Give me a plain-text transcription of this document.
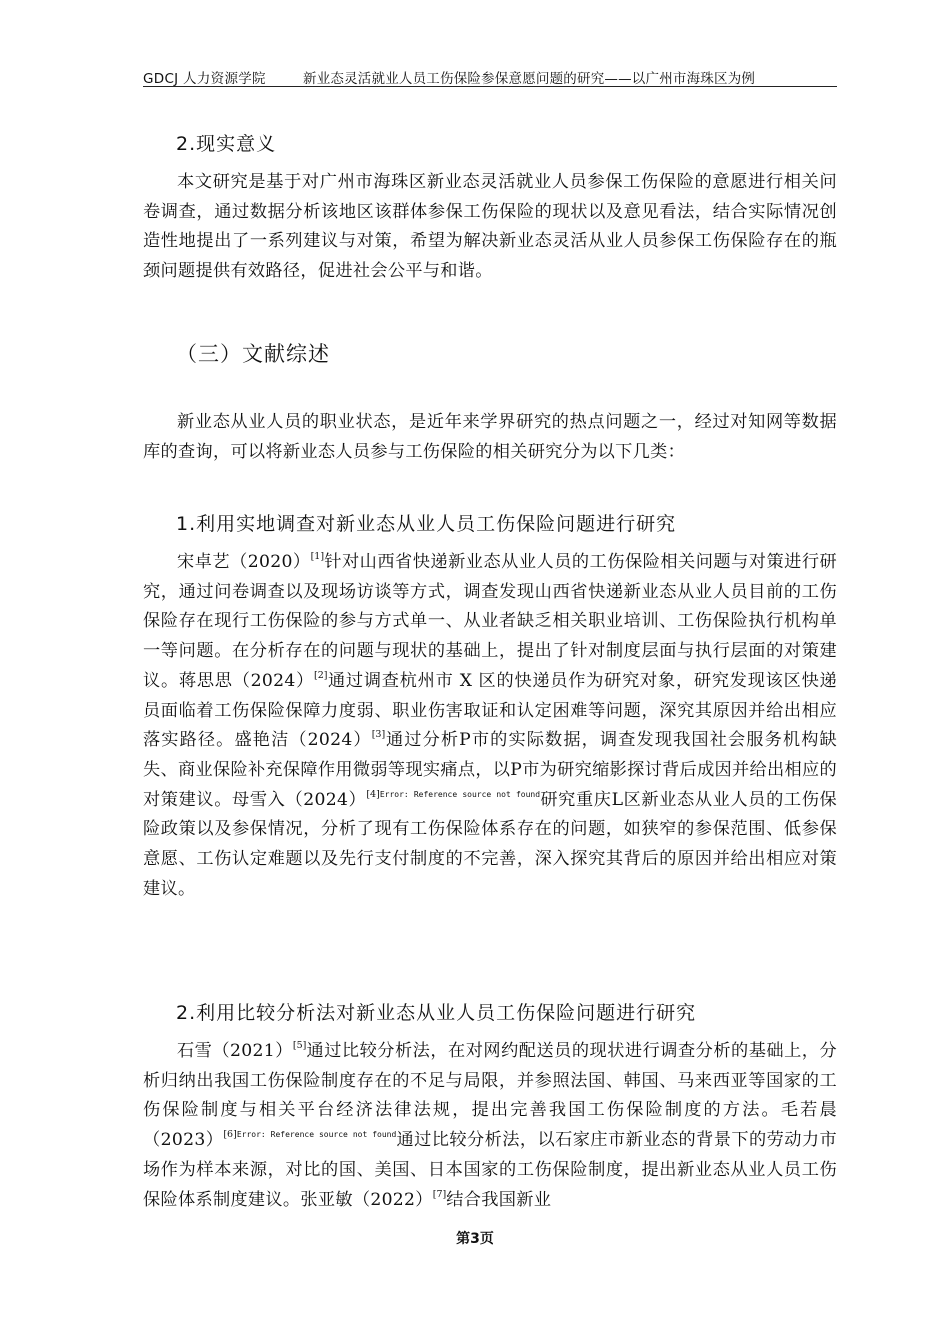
GDCJ 人力资源学院	新业态灵活就业人员工伤保险参保意愿问题的研究——以广州市海珠区为例
2.现实意义
本文研究是基于对广州市海珠区新业态灵活就业人员参保工伤保险的意愿进行相关问卷调查，通过数据分析该地区该群体参保工伤保险的现状以及意见看法，结合实际情况创造性地提出了一系列建议与对策，希望为解决新业态灵活从业人员参保工伤保险存在的瓶颈问题提供有效路径，促进社会公平与和谐。
（三）文献综述
新业态从业人员的职业状态，是近年来学界研究的热点问题之一，经过对知网等数据库的查询，可以将新业态人员参与工伤保险的相关研究分为以下几类：
1.利用实地调查对新业态从业人员工伤保险问题进行研究
宋卓艺（2020）[1]针对山西省快递新业态从业人员的工伤保险相关问题与对策进行研究，通过问卷调查以及现场访谈等方式，调查发现山西省快递新业态从业人员目前的工伤保险存在现行工伤保险的参与方式单一、从业者缺乏相关职业培训、工伤保险执行机构单一等问题。在分析存在的问题与现状的基础上，提出了针对制度层面与执行层面的对策建议。蒋思思（2024）[2]通过调查杭州市 X 区的快递员作为研究对象，研究发现该区快递员面临着工伤保险保障力度弱、职业伤害取证和认定困难等问题，深究其原因并给出相应落实路径。盛艳洁（2024）[3]通过分析P市的实际数据，调查发现我国社会服务机构缺失、商业保险补充保障作用微弱等现实痛点，以P市为研究缩影探讨背后成因并给出相应的对策建议。母雪入$(2024)^{[4]Error: Reference source not found}$研究重庆L区新业态从业人员的工伤保险政策以及参保情况，分析了现有工伤保险体系存在的问题，如狭窄的参保范围、低参保意愿、工伤认定难题以及先行支付制度的不完善，深入探究其背后的原因并给出相应对策建议。
2.利用比较分析法对新业态从业人员工伤保险问题进行研究
石雪（2021）[5]通过比较分析法，在对网约配送员的现状进行调查分析的基础上，分析归纳出我国工伤保险制度存在的不足与局限，并参照法国、韩国、马来西亚等国家的工伤保险制度与相关平台经济法律法规，提出完善我国工伤保险制度的方法。毛若晨$(2023)^{[6]Error: Reference source not found}$通过比较分析法，以石家庄市新业态的背景下的劳动力市场作为样本来源，对比的国、美国、日本国家的工伤保险制度，提出新业态从业人员工伤保险体系制度建议。张亚敏（2022）[7]结合我国新业
第3页
